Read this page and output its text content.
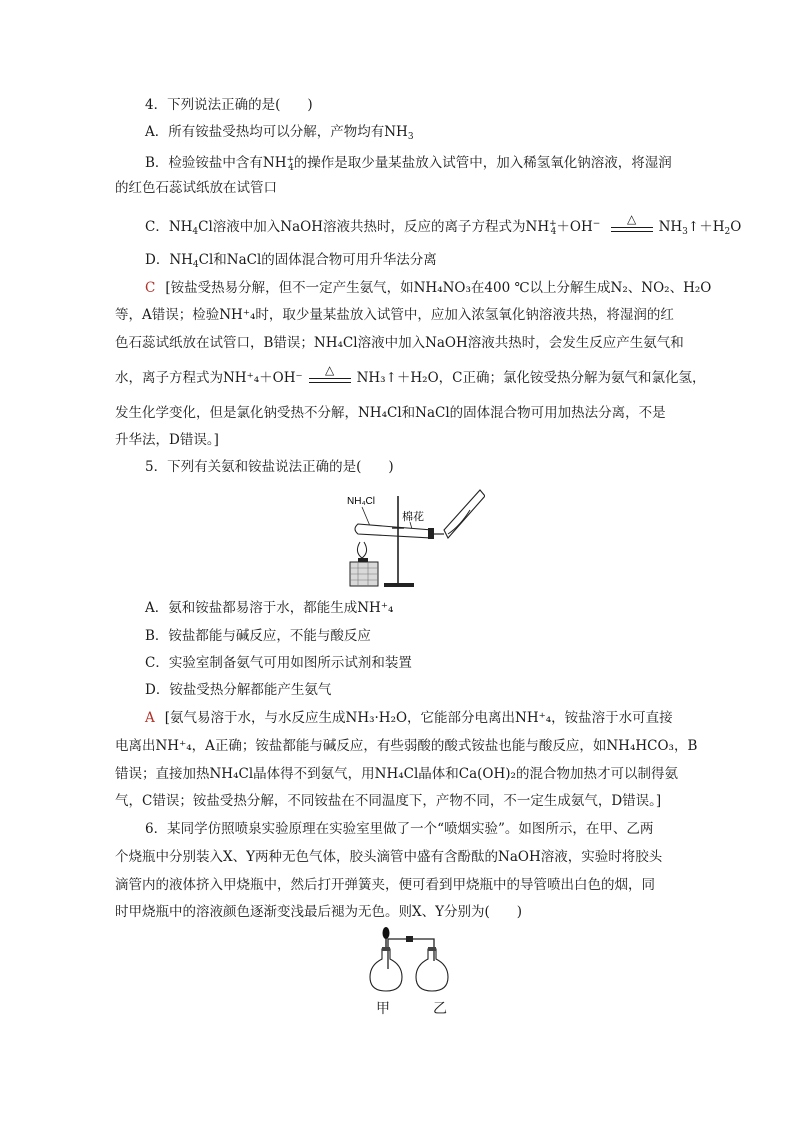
4．下列说法正确的是(　　)
A．所有铵盐受热均可以分解，产物均有$NH_3$
B．检验铵盐中含有$NH^+_4$的操作是取少量某盐放入试管中，加入稀氢氧化钠溶液，将湿润
的红色石蕊试纸放在试管口
C．$NH_4Cl$溶液中加入NaOH溶液共热时，反应的离子方程式为$NH^+_4+OH^-$	△
$NH_3↑+H_2O$
D．$NH_4Cl$和NaCl的固体混合物可用升华法分离
C [铵盐受热易分解，但不一定产生氨气，如NH₄NO₃在400 ℃以上分解生成N₂、NO₂、H₂O
等，A错误；检验NH⁺₄时，取少量某盐放入试管中，应加入浓氢氧化钠溶液共热，将湿润的红
色石蕊试纸放在试管口，B错误；NH₄Cl溶液中加入NaOH溶液共热时，会发生反应产生氨气和
水，离子方程式为NH⁺₄＋OH⁻
△
NH₃↑＋H₂O，C正确；氯化铵受热分解为氨气和氯化氢，
发生化学变化，但是氯化钠受热不分解，NH₄Cl和NaCl的固体混合物可用加热法分离，不是
升华法，D错误。]
5．下列有关氨和铵盐说法正确的是(　　)
NH₄Cl
棉花
A．氨和铵盐都易溶于水，都能生成NH⁺₄
B．铵盐都能与碱反应，不能与酸反应
C．实验室制备氨气可用如图所示试剂和装置
D．铵盐受热分解都能产生氨气
A [氨气易溶于水，与水反应生成NH₃·H₂O，它能部分电离出NH⁺₄，铵盐溶于水可直接
电离出NH⁺₄，A正确；铵盐都能与碱反应，有些弱酸的酸式铵盐也能与酸反应，如NH₄HCO₃，B
错误；直接加热NH₄Cl晶体得不到氨气，用NH₄Cl晶体和Ca(OH)₂的混合物加热才可以制得氨
气，C错误；铵盐受热分解，不同铵盐在不同温度下，产物不同，不一定生成氨气，D错误。]
6．某同学仿照喷泉实验原理在实验室里做了一个“喷烟实验”。如图所示，在甲、乙两
个烧瓶中分别装入X、Y两种无色气体，胶头滴管中盛有含酚酞的NaOH溶液，实验时将胶头
滴管内的液体挤入甲烧瓶中，然后打开弹簧夹，便可看到甲烧瓶中的导管喷出白色的烟，同
时甲烧瓶中的溶液颜色逐渐变浅最后褪为无色。则X、Y分别为(　　)
甲	乙
